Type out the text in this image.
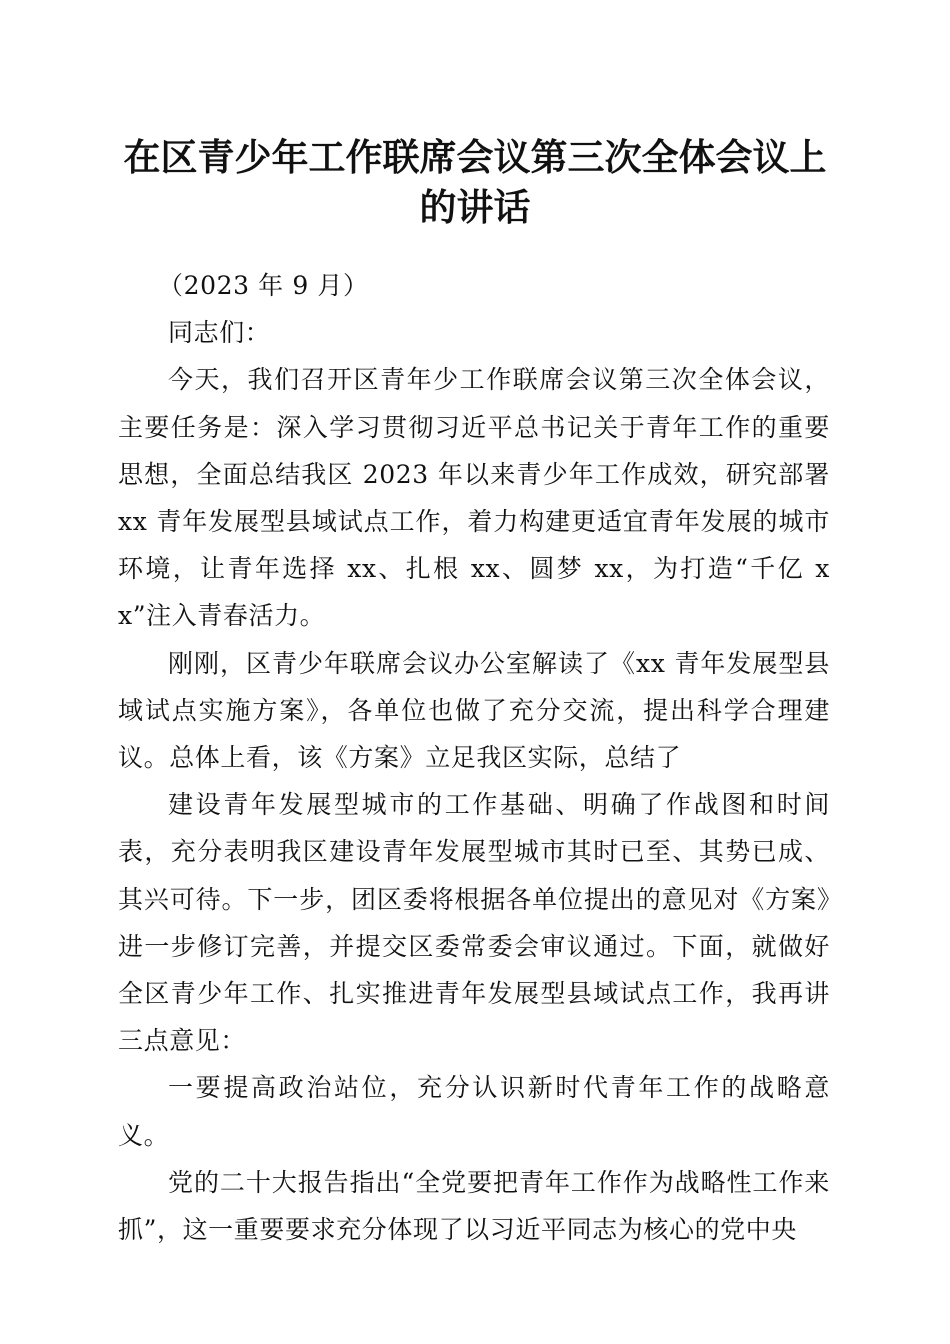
在区青少年工作联席会议第三次全体会议上的讲话

（2023 年 9 月）

同志们：

今天，我们召开区青年少工作联席会议第三次全体会议，主要任务是：深入学习贯彻习近平总书记关于青年工作的重要思想，全面总结我区 2023 年以来青少年工作成效，研究部署 xx 青年发展型县域试点工作，着力构建更适宜青年发展的城市环境，让青年选择 xx、扎根 xx、圆梦 xx，为打造“千亿 xx”注入青春活力。

刚刚，区青少年联席会议办公室解读了《xx 青年发展型县域试点实施方案》，各单位也做了充分交流，提出科学合理建议。总体上看，该《方案》立足我区实际，总结了

建设青年发展型城市的工作基础、明确了作战图和时间表，充分表明我区建设青年发展型城市其时已至、其势已成、其兴可待。下一步，团区委将根据各单位提出的意见对《方案》进一步修订完善，并提交区委常委会审议通过。下面，就做好全区青少年工作、扎实推进青年发展型县域试点工作，我再讲三点意见：

一要提高政治站位，充分认识新时代青年工作的战略意义。

党的二十大报告指出“全党要把青年工作作为战略性工作来抓”，这一重要要求充分体现了以习近平同志为核心的党中央
